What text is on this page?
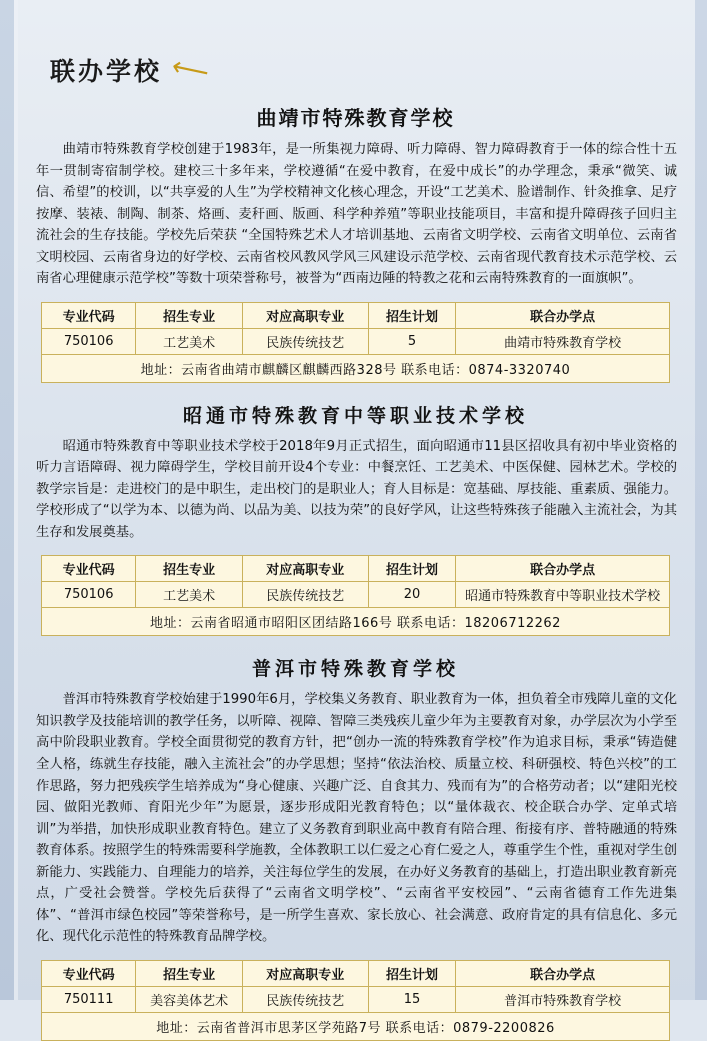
联办学校 ⟵
曲靖市特殊教育学校
曲靖市特殊教育学校创建于1983年，是一所集视力障碍、听力障碍、智力障碍教育于一体的综合性十五年一贯制寄宿制学校。建校三十多年来，学校遵循“在爱中教育，在爱中成长”的办学理念，秉承“微笑、诚信、希望”的校训，以“共享爱的人生”为学校精神文化核心理念，开设“工艺美术、脸谱制作、针灸推拿、足疗按摩、装裱、制陶、制茶、烙画、麦秆画、版画、科学种养殖”等职业技能项目，丰富和提升障碍孩子回归主流社会的生存技能。学校先后荣获 “全国特殊艺术人才培训基地、云南省文明学校、云南省文明单位、云南省文明校园、云南省身边的好学校、云南省校风教风学风三风建设示范学校、云南省现代教育技术示范学校、云南省心理健康示范学校”等数十项荣誉称号，被誉为“西南边陲的特教之花和云南特殊教育的一面旗帜”。
专业代码	招生专业	对应高职专业	招生计划	联合办学点
750106	工艺美术	民族传统技艺	5	曲靖市特殊教育学校
地址：云南省曲靖市麒麟区麒麟西路328号 联系电话：0874-3320740				
昭通市特殊教育中等职业技术学校
昭通市特殊教育中等职业技术学校于2018年9月正式招生，面向昭通市11县区招收具有初中毕业资格的听力言语障碍、视力障碍学生，学校目前开设4个专业：中餐烹饪、工艺美术、中医保健、园林艺术。学校的教学宗旨是：走进校门的是中职生，走出校门的是职业人；育人目标是：宽基础、厚技能、重素质、强能力。学校形成了“以学为本、以德为尚、以品为美、以技为荣”的良好学风，让这些特殊孩子能融入主流社会，为其生存和发展奠基。
专业代码	招生专业	对应高职专业	招生计划	联合办学点
750106	工艺美术	民族传统技艺	20	昭通市特殊教育中等职业技术学校
地址：云南省昭通市昭阳区团结路166号 联系电话：18206712262				
普洱市特殊教育学校
普洱市特殊教育学校始建于1990年6月，学校集义务教育、职业教育为一体，担负着全市残障儿童的文化知识教学及技能培训的教学任务，以听障、视障、智障三类残疾儿童少年为主要教育对象，办学层次为小学至高中阶段职业教育。学校全面贯彻党的教育方针，把“创办一流的特殊教育学校”作为追求目标，秉承“铸造健全人格，练就生存技能，融入主流社会”的办学思想；坚持“依法治校、质量立校、科研强校、特色兴校”的工作思路，努力把残疾学生培养成为“身心健康、兴趣广泛、自食其力、残而有为”的合格劳动者；以“建阳光校园、做阳光教师、育阳光少年”为愿景，逐步形成阳光教育特色；以“量体裁衣、校企联合办学、定单式培训”为举措，加快形成职业教育特色。建立了义务教育到职业高中教育有陪合理、衔接有序、普特融通的特殊教育体系。按照学生的特殊需要科学施教，全体教职工以仁爱之心育仁爱之人，尊重学生个性，重视对学生创新能力、实践能力、自理能力的培养，关注每位学生的发展，在办好义务教育的基础上，打造出职业教育新亮点，广受社会赞誉。学校先后获得了“云南省文明学校”、“云南省平安校园”、“云南省德育工作先进集体”、“普洱市绿色校园”等荣誉称号，是一所学生喜欢、家长放心、社会满意、政府肯定的具有信息化、多元化、现代化示范性的特殊教育品牌学校。
专业代码	招生专业	对应高职专业	招生计划	联合办学点
750111	美容美体艺术	民族传统技艺	15	普洱市特殊教育学校
地址：云南省普洱市思茅区学苑路7号 联系电话：0879-2200826				
